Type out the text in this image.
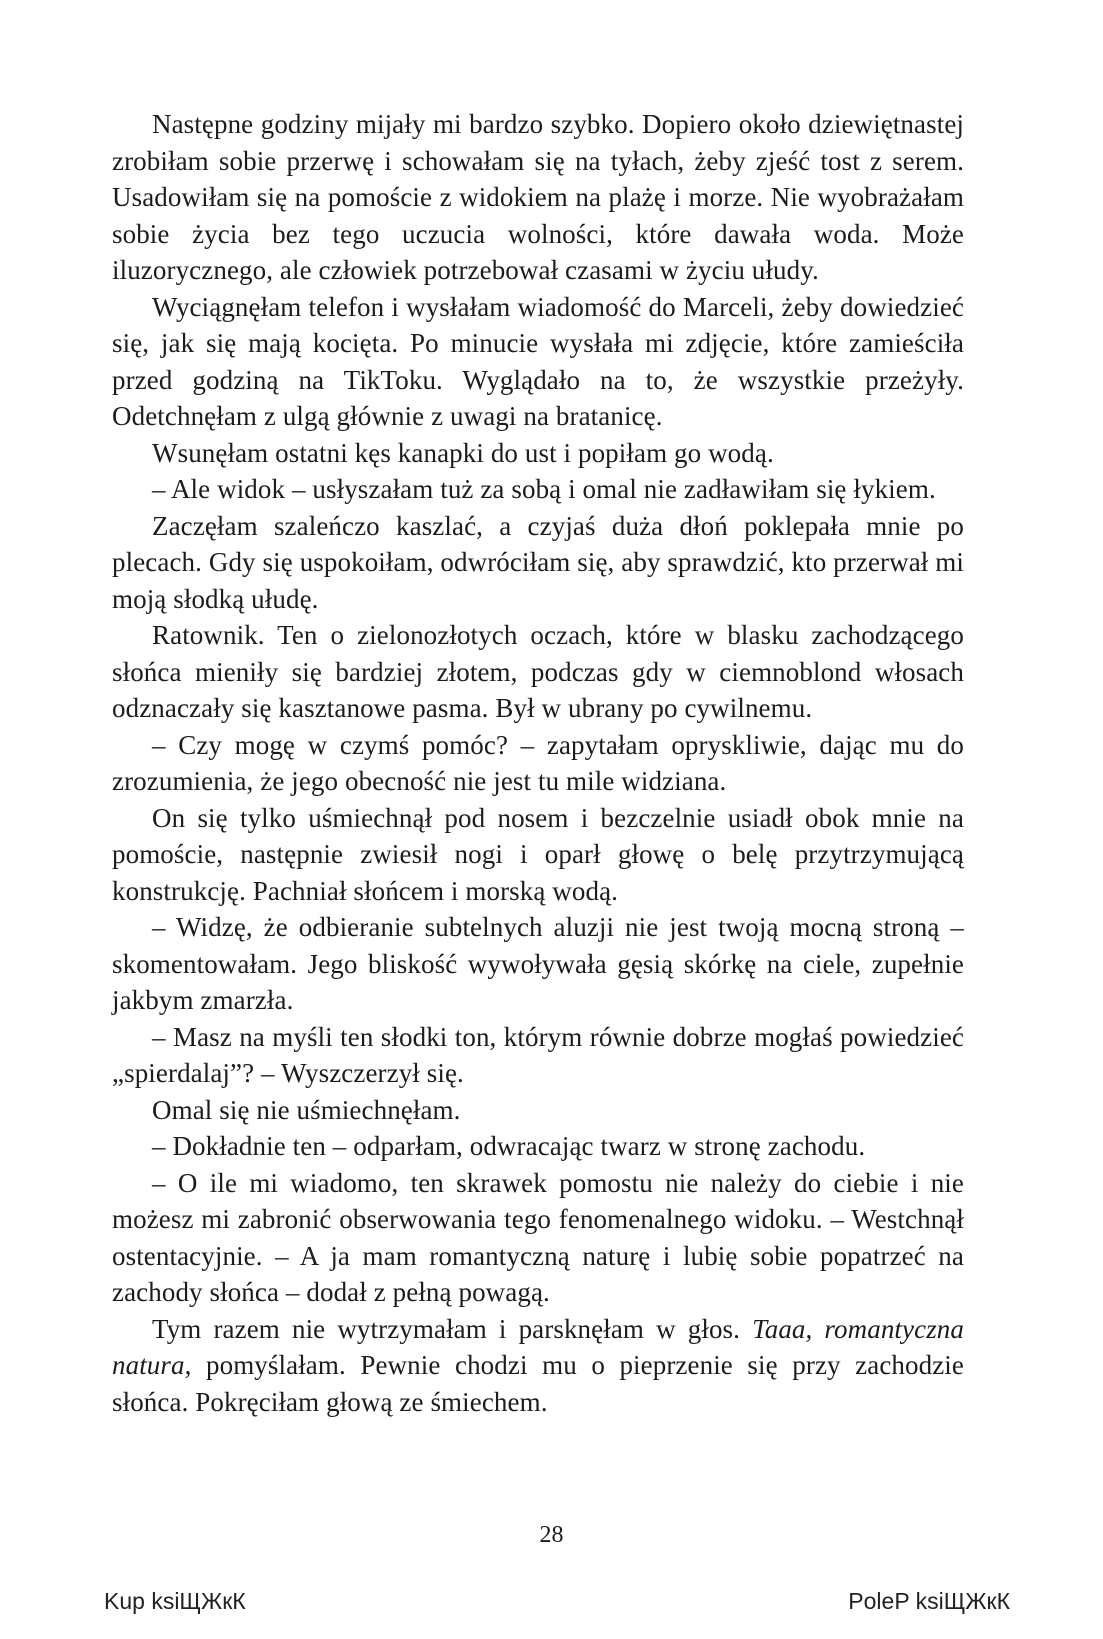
Następne godziny mijały mi bardzo szybko. Dopiero około dziewiętnastej zrobiłam sobie przerwę i schowałam się na tyłach, żeby zjeść tost z serem. Usadowiłam się na pomoście z widokiem na plażę i morze. Nie wyobrażałam sobie życia bez tego uczucia wolności, które dawała woda. Może iluzorycznego, ale człowiek potrzebował czasami w życiu ułudy.

Wyciągnęłam telefon i wysłałam wiadomość do Marceli, żeby dowiedzieć się, jak się mają kocięta. Po minucie wysłała mi zdjęcie, które zamieściła przed godziną na TikToku. Wyglądało na to, że wszystkie przeżyły. Odetchnęłam z ulgą głównie z uwagi na bratanicę.

Wsunęłam ostatni kęs kanapki do ust i popiłam go wodą.

– Ale widok – usłyszałam tuż za sobą i omal nie zadławiłam się łykiem.

Zaczęłam szaleńczo kaszlać, a czyjaś duża dłoń poklepała mnie po plecach. Gdy się uspokoiłam, odwróciłam się, aby sprawdzić, kto przerwał mi moją słodką ułudę.

Ratownik. Ten o zielonozłotych oczach, które w blasku zachodzącego słońca mieniły się bardziej złotem, podczas gdy w ciemnoblond włosach odznaczały się kasztanowe pasma. Był w ubrany po cywilnemu.

– Czy mogę w czymś pomóc? – zapytałam opryskliwie, dając mu do zrozumienia, że jego obecność nie jest tu mile widziana.

On się tylko uśmiechnął pod nosem i bezczelnie usiadł obok mnie na pomoście, następnie zwiesił nogi i oparł głowę o belę przytrzymującą konstrukcję. Pachniał słońcem i morską wodą.

– Widzę, że odbieranie subtelnych aluzji nie jest twoją mocną stroną – skomentowałam. Jego bliskość wywoływała gęsią skórkę na ciele, zupełnie jakbym zmarzła.

– Masz na myśli ten słodki ton, którym równie dobrze mogłaś powiedzieć „spierdalaj”? – Wyszczerzył się.

Omal się nie uśmiechnęłam.

– Dokładnie ten – odparłam, odwracając twarz w stronę zachodu.

– O ile mi wiadomo, ten skrawek pomostu nie należy do ciebie i nie możesz mi zabronić obserwowania tego fenomenalnego widoku. – Westchnął ostentacyjnie. – A ja mam romantyczną naturę i lubię sobie popatrzeć na zachody słońca – dodał z pełną powagą.

Tym razem nie wytrzymałam i parsknęłam w głos. Taaa, romantyczna natura, pomyślałam. Pewnie chodzi mu o pieprzenie się przy zachodzie słońca. Pokręciłam głową ze śmiechem.

28
Kup ksiЩЖкК	PoleP ksiЩЖкК
